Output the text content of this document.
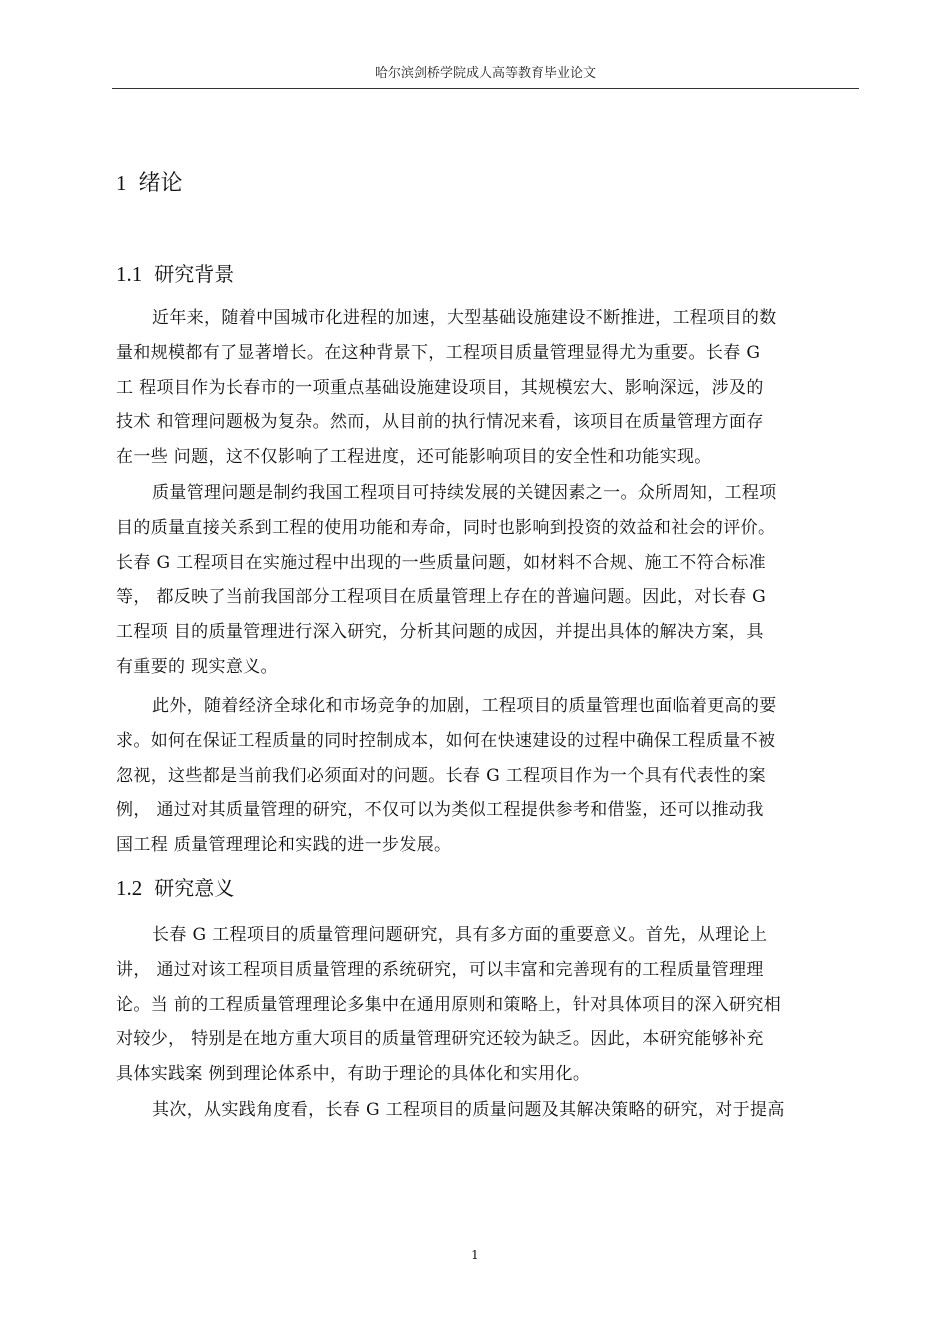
哈尔滨剑桥学院成人高等教育毕业论文
1 绪论
1.1 研究背景
近年来，随着中国城市化进程的加速，大型基础设施建设不断推进，工程项目的数
量和规模都有了显著增长。在这种背景下，工程项目质量管理显得尤为重要。长春 G
工 程项目作为长春市的一项重点基础设施建设项目，其规模宏大、影响深远，涉及的
技术 和管理问题极为复杂。然而，从目前的执行情况来看，该项目在质量管理方面存
在一些 问题，这不仅影响了工程进度，还可能影响项目的安全性和功能实现。
质量管理问题是制约我国工程项目可持续发展的关键因素之一。众所周知，工程项
目的质量直接关系到工程的使用功能和寿命，同时也影响到投资的效益和社会的评价。
长春 G 工程项目在实施过程中出现的一些质量问题，如材料不合规、施工不符合标准
等， 都反映了当前我国部分工程项目在质量管理上存在的普遍问题。因此，对长春 G
工程项 目的质量管理进行深入研究，分析其问题的成因，并提出具体的解决方案，具
有重要的 现实意义。
此外，随着经济全球化和市场竞争的加剧，工程项目的质量管理也面临着更高的要
求。如何在保证工程质量的同时控制成本，如何在快速建设的过程中确保工程质量不被
忽视，这些都是当前我们必须面对的问题。长春 G 工程项目作为一个具有代表性的案
例， 通过对其质量管理的研究，不仅可以为类似工程提供参考和借鉴，还可以推动我
国工程 质量管理理论和实践的进一步发展。
1.2 研究意义
长春 G 工程项目的质量管理问题研究，具有多方面的重要意义。首先，从理论上
讲， 通过对该工程项目质量管理的系统研究，可以丰富和完善现有的工程质量管理理
论。当 前的工程质量管理理论多集中在通用原则和策略上，针对具体项目的深入研究相
对较少， 特别是在地方重大项目的质量管理研究还较为缺乏。因此，本研究能够补充
具体实践案 例到理论体系中，有助于理论的具体化和实用化。
其次，从实践角度看，长春 G 工程项目的质量问题及其解决策略的研究，对于提高
1
